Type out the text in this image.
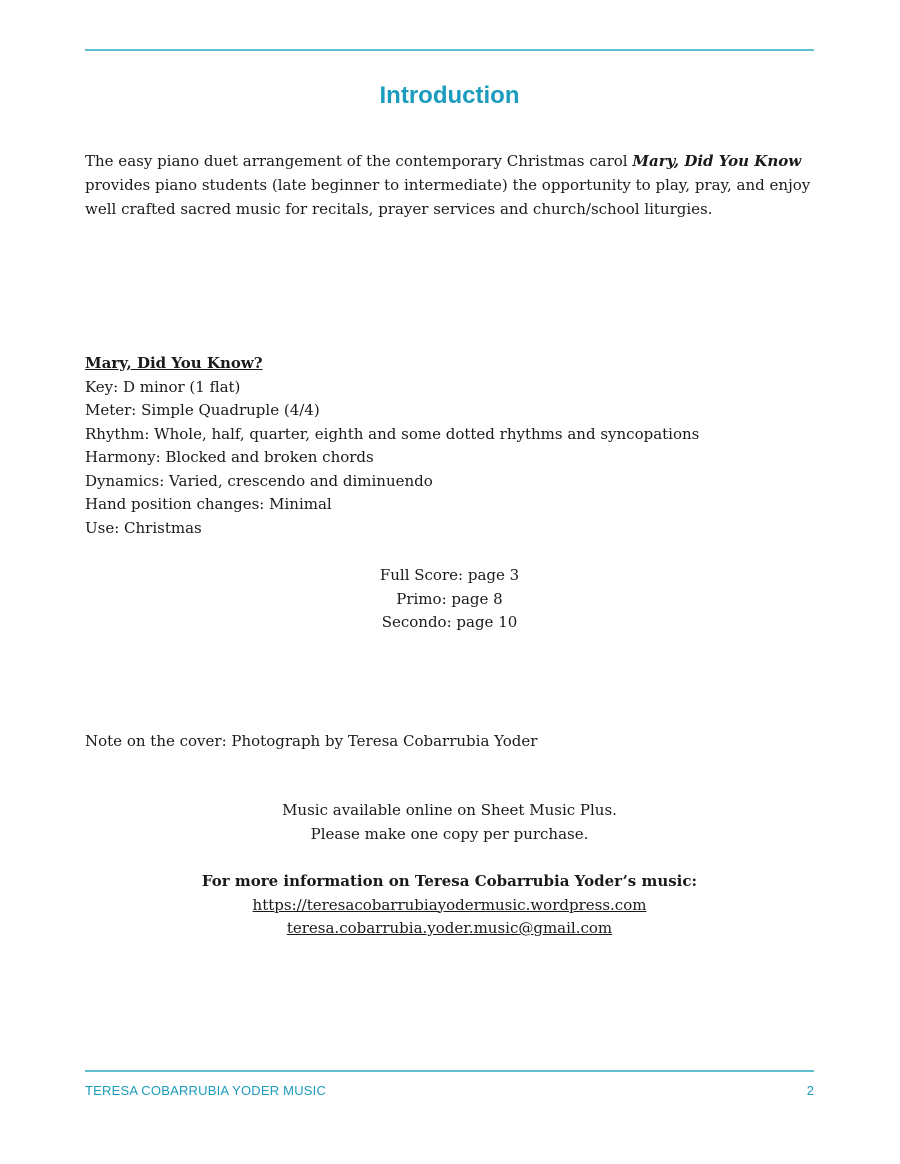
Introduction
The easy piano duet arrangement of the contemporary Christmas carol Mary, Did You Know provides piano students (late beginner to intermediate) the opportunity to play, pray, and enjoy well crafted sacred music for recitals, prayer services and church/school liturgies.
Mary, Did You Know?
Key: D minor (1 flat)
Meter: Simple Quadruple (4/4)
Rhythm: Whole, half, quarter, eighth and some dotted rhythms and syncopations
Harmony: Blocked and broken chords
Dynamics: Varied, crescendo and diminuendo
Hand position changes: Minimal
Use: Christmas
Full Score: page 3
Primo: page 8
Secondo: page 10
Note on the cover: Photograph by Teresa Cobarrubia Yoder
Music available online on Sheet Music Plus.
Please make one copy per purchase.
For more information on Teresa Cobarrubia Yoder’s music:
https://teresacobarrubiayodermusic.wordpress.com
teresa.cobarrubia.yoder.music@gmail.com
TERESA COBARRUBIA YODER MUSIC	2
